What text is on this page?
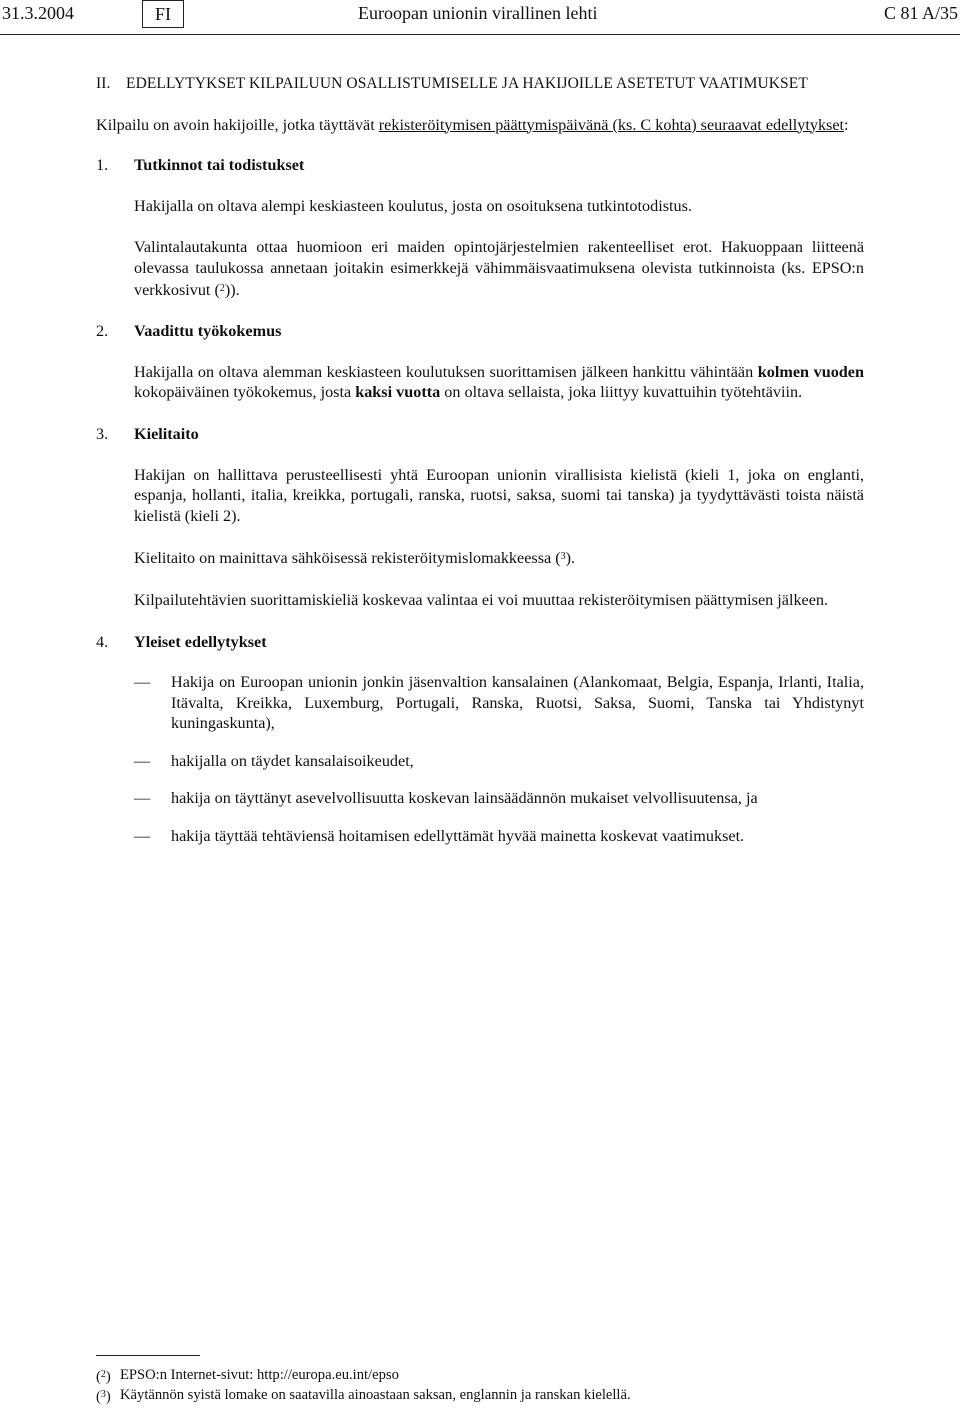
31.3.2004	FI	Euroopan unionin virallinen lehti	C 81 A/35

II. EDELLYTYKSET KILPAILUUN OSALLISTUMISELLE JA HAKIJOILLE ASETETUT VAATIMUKSET

Kilpailu on avoin hakijoille, jotka täyttävät rekisteröitymisen päättymispäivänä (ks. C kohta) seuraavat edellytykset:

1. Tutkinnot tai todistukset

Hakijalla on oltava alempi keskiasteen koulutus, josta on osoituksena tutkintotodistus.

Valintalautakunta ottaa huomioon eri maiden opintojärjestelmien rakenteelliset erot. Hakuoppaan liitteenä olevassa taulukossa annetaan joitakin esimerkkejä vähimmäisvaatimuksena olevista tutkinnoista (ks. EPSO:n verkkosivut ($^2$)).

2. Vaadittu työkokemus

Hakijalla on oltava alemman keskiasteen koulutuksen suorittamisen jälkeen hankittu vähintään kolmen vuoden kokopäiväinen työkokemus, josta kaksi vuotta on oltava sellaista, joka liittyy kuvattuihin työtehtäviin.

3. Kielitaito

Hakijan on hallittava perusteellisesti yhtä Euroopan unionin virallisista kielistä (kieli 1, joka on englanti, espanja, hollanti, italia, kreikka, portugali, ranska, ruotsi, saksa, suomi tai tanska) ja tyydyttävästi toista näistä kielistä (kieli 2).

Kielitaito on mainittava sähköisessä rekisteröitymislomakkeessa ($^3$).

Kilpailutehtävien suorittamiskieliä koskevaa valintaa ei voi muuttaa rekisteröitymisen päättymisen jälkeen.

4. Yleiset edellytykset
— Hakija on Euroopan unionin jonkin jäsenvaltion kansalainen (Alankomaat, Belgia, Espanja, Irlanti, Italia, Itävalta, Kreikka, Luxemburg, Portugali, Ranska, Ruotsi, Saksa, Suomi, Tanska tai Yhdistynyt kuningaskunta),
— hakijalla on täydet kansalaisoikeudet,
— hakija on täyttänyt asevelvollisuutta koskevan lainsäädännön mukaiset velvollisuutensa, ja
— hakija täyttää tehtäviensä hoitamisen edellyttämät hyvää mainetta koskevat vaatimukset.
($^2$) EPSO:n Internet-sivut: http://europa.eu.int/epso
($^3$) Käytännön syistä lomake on saatavilla ainoastaan saksan, englannin ja ranskan kielellä.
